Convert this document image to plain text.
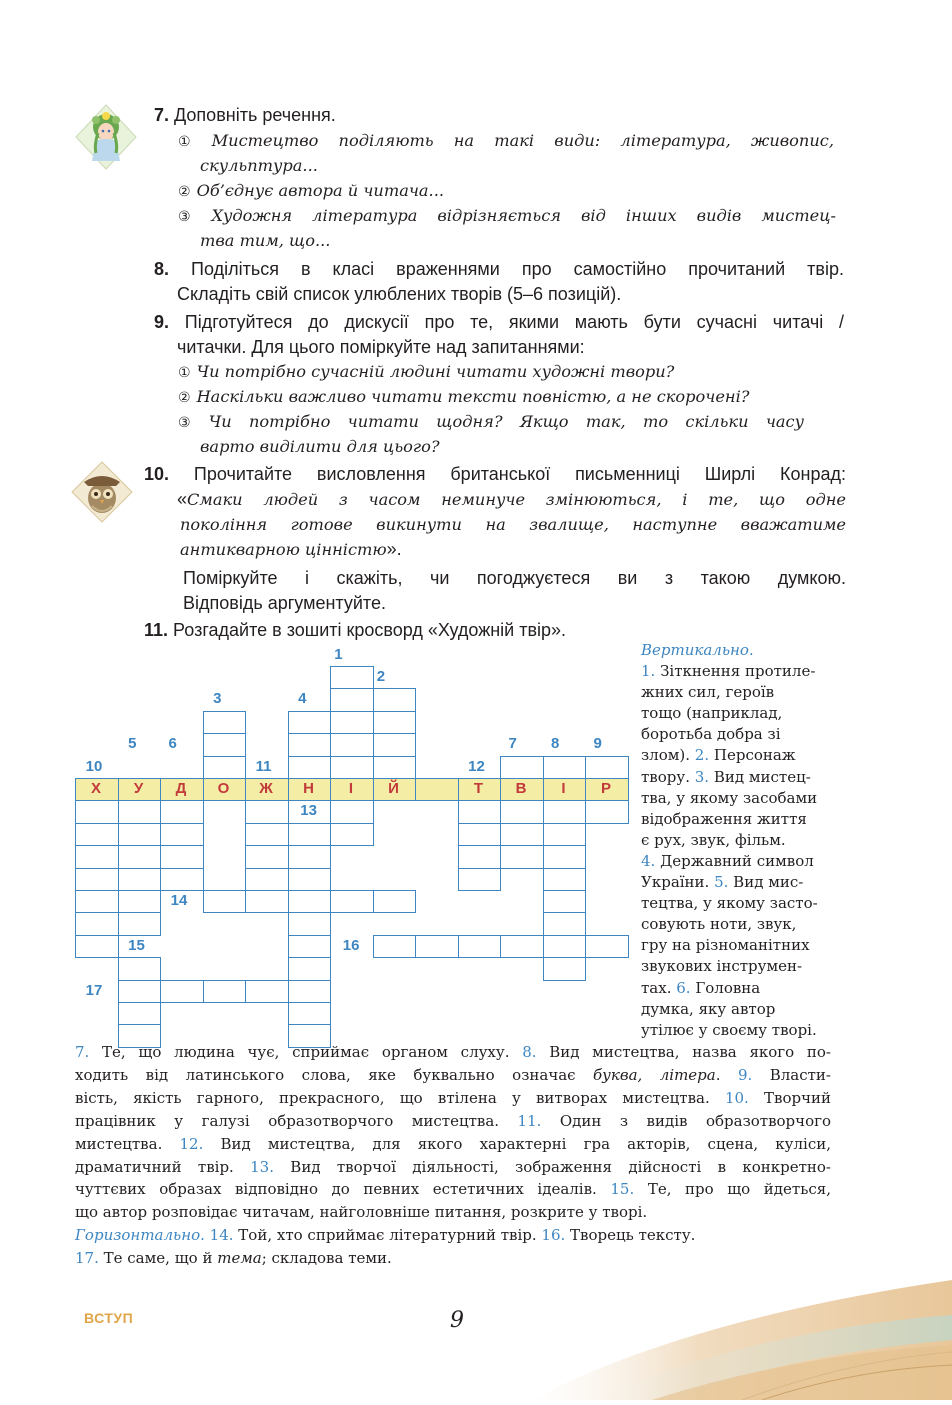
7. Доповніть речення.
① Мистецтво поділяють на такі види: література, живопис,
скульптура...
② Об’єднує автора й читача...
③ Художня література відрізняється від інших видів мистец-
тва тим, що...
8. Поділіться в класі враженнями про самостійно прочитаний твір.
Складіть свій список улюблених творів (5–6 позицій).
9. Підготуйтеся до дискусії про те, якими мають бути сучасні читачі /
читачки. Для цього поміркуйте над запитаннями:
① Чи потрібно сучасній людині читати художні твори?
② Наскільки важливо читати тексти повністю, а не скорочені?
③ Чи потрібно читати щодня? Якщо так, то скільки часу
варто виділити для цього?
10. Прочитайте висловлення британської письменниці Ширлі Конрад:
«Смаки людей з часом неминуче змінюються, і те, що одне
покоління готове викинути на звалище, наступне вважатиме
антикварною цінністю».
Поміркуйте і скажіть, чи погоджуєтеся ви з такою думкою.
Відповідь аргументуйте.
11. Розгадайте в зошиті кросворд «Художній твір».
Х	У	Д	О	Ж	Н	І	Й	Т	В	І	Р
1
2
3	4
5 6	7 8 9
10	11	12
13
14
15	16
17
Вертикально.
1. Зіткнення протиле-
жних сил, героїв
тощо (наприклад,
боротьба добра зі
злом). 2. Персонаж
твору. 3. Вид мистец-
тва, у якому засобами
відображення життя
є рух, звук, фільм.
4. Державний символ
України. 5. Вид мис-
тецтва, у якому засто-
совують ноти, звук,
гру на різноманітних
звукових інструмен-
тах. 6. Головна
думка, яку автор
утілює у своєму творі.
7. Те, що людина чує, сприймає органом слуху. 8. Вид мистецтва, назва якого по-
ходить від латинського слова, яке буквально означає буква, літера. 9. Власти-
вість, якість гарного, прекрасного, що втілена у витворах мистецтва. 10. Творчий
працівник у галузі образотворчого мистецтва. 11. Один з видів образотворчого
мистецтва. 12. Вид мистецтва, для якого характерні гра акторів, сцена, куліси,
драматичний твір. 13. Вид творчої діяльності, зображення дійсності в конкретно-
чуттєвих образах відповідно до певних естетичних ідеалів. 15. Те, про що йдеться,
що автор розповідає читачам, найголовніше питання, розкрите у творі.
Горизонтально. 14. Той, хто сприймає літературний твір. 16. Творець тексту.
17. Те саме, що й тема; складова теми.
ВСТУП	9
